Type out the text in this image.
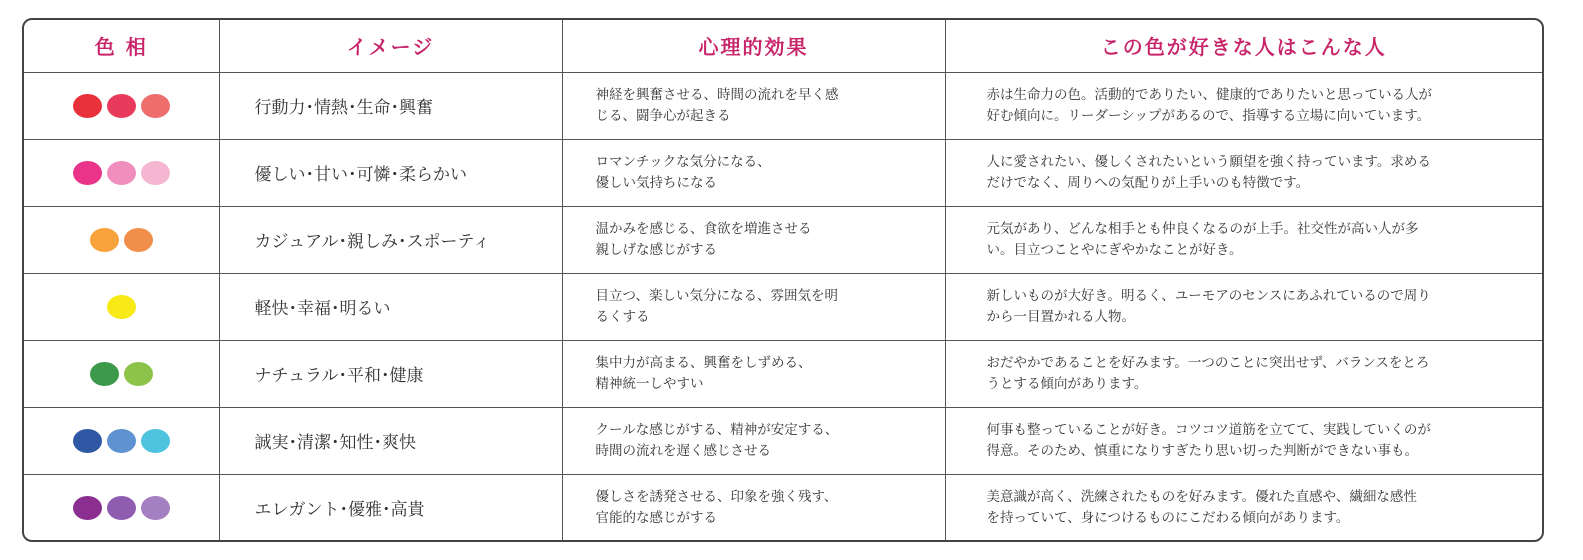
色 相	イメージ	心理的効果	この色が好きな人はこんな人

	行動力･情熱･生命･興奮	神経を興奮させる、時間の流れを早く感
じる、闘争心が起きる	赤は生命力の色。活動的でありたい、健康的でありたいと思っている人が
好む傾向に。リーダーシップがあるので、指導する立場に向いています。

	優しい･甘い･可憐･柔らかい	ロマンチックな気分になる、
優しい気持ちになる	人に愛されたい、優しくされたいという願望を強く持っています。求める
だけでなく、周りへの気配りが上手いのも特徴です。

	カジュアル･親しみ･スポーティ	温かみを感じる、食欲を増進させる
親しげな感じがする	元気があり、どんな相手とも仲良くなるのが上手。社交性が高い人が多
い。目立つことやにぎやかなことが好き。

	軽快･幸福･明るい	目立つ、楽しい気分になる、雰囲気を明
るくする	新しいものが大好き。明るく、ユーモアのセンスにあふれているので周り
から一目置かれる人物。

	ナチュラル･平和･健康	集中力が高まる、興奮をしずめる、
精神統一しやすい	おだやかであることを好みます。一つのことに突出せず、バランスをとろ
うとする傾向があります。

	誠実･清潔･知性･爽快	クールな感じがする、精神が安定する、
時間の流れを遅く感じさせる	何事も整っていることが好き。コツコツ道筋を立てて、実践していくのが
得意。そのため、慎重になりすぎたり思い切った判断ができない事も。

	エレガント･優雅･高貴	優しさを誘発させる、印象を強く残す、
官能的な感じがする	美意識が高く、洗練されたものを好みます。優れた直感や、繊細な感性
を持っていて、身につけるものにこだわる傾向があります。
